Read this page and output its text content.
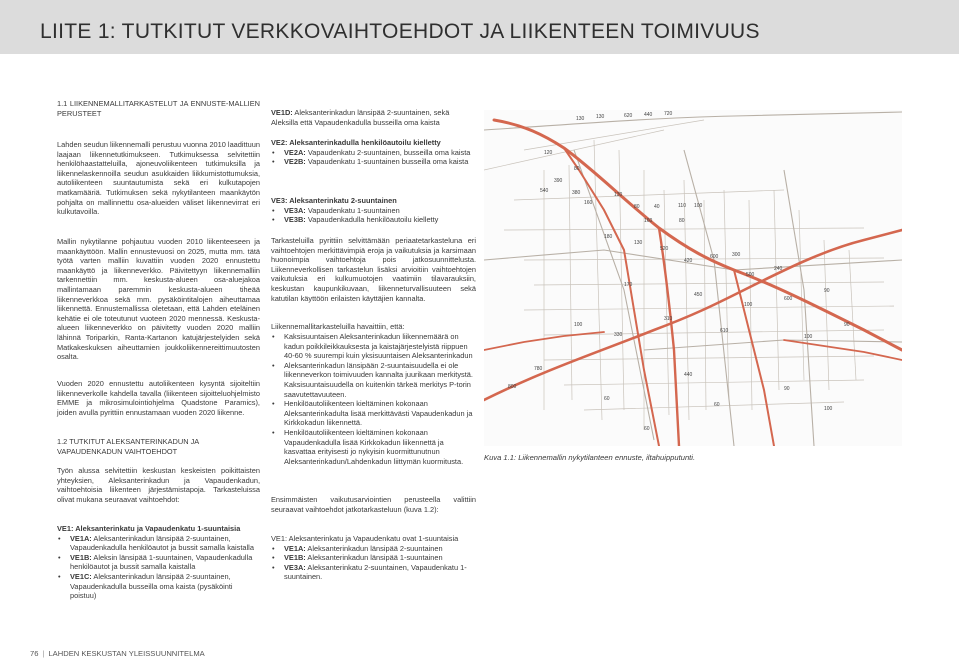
LIITE 1: TUTKITUT VERKKOVAIHTOEHDOT JA LIIKENTEEN TOIMIVUUS
1.1 LIIKENNEMALLITARKASTELUT JA ENNUSTE-MALLIEN PERUSTEET
Lahden seudun liikennemalli perustuu vuonna 2010 laadittuun laajaan liikennetutkimukseen. Tutkimuksessa selvitettiin henkilöhaastatteluilla, ajoneuvoliikenteen tutkimuksilla ja liikennelaskennoilla seudun asukkaiden liikkumistottumuksia, autoliikenteen suuntautumista sekä eri kulkutapojen matkamääriä. Tutkimuksen sekä nykytilanteen maankäytön pohjalta on mallinnettu osa-alueiden väliset liikennevirrat eri kulkutavoilla.
Mallin nykytilanne pohjautuu vuoden 2010 liikenteeseen ja maankäyttöön. Mallin ennustevuosi on 2025, mutta mm. tätä työtä varten malliin kuvattiin vuoden 2020 ennustettu maankäyttö ja liikenneverkko. Päivitettyyn liikennemalliin tarkennettiin mm. keskusta-alueen osa-aluejakoa mallintamaan paremmin keskusta-alueen tiheää liikenneverkkoa sekä mm. pysäköintitalojen aiheuttamaa liikennettä. Ennustemallissa oletetaan, että Lahden eteläinen kehätie ei ole toteutunut vuoteen 2020 mennessä. Keskusta-alueen liikenneverkko on päivitetty vuoden 2020 malliin lähinnä Toriparkin, Ranta-Kartanon katujärjestelyiden sekä Matkakeskuksen aiheuttamien joukkoliikennereittimuutosten osalta.
Vuoden 2020 ennustettu autoliikenteen kysyntä sijoiteltiin liikenneverkolle kahdella tavalla (liikenteen sijoitteluohjelmisto EMME ja mikrosimulointiohjelma Quadstone Paramics), joiden avulla pyrittiin ennustamaan vuoden 2020 liikenne.
1.2 TUTKITUT ALEKSANTERINKADUN JA VAPAUDENKADUN VAIHTOEHDOT
Työn alussa selvitettiin keskustan keskeisten poikittaisten yhteyksien, Aleksanterinkadun ja Vapaudenkadun, vaihtoehtoisia liikenteen järjestämistapoja. Tarkasteluissa olivat mukana seuraavat vaihtoehdot:
VE1: Aleksanterinkatu ja Vapaudenkatu 1-suuntaisia
• VE1A: Aleksanterinkadun länsipää 2-suuntainen, Vapaudenkadulla henkilöautot ja bussit samalla kaistalla
• VE1B: Aleksin länsipää 1-suuntainen, Vapaudenkadulla henkilöautot ja bussit samalla kaistalla
• VE1C: Aleksanterinkadun länsipää 2-suuntainen, Vapaudenkadulla busseilla oma kaista (pysäköinti poistuu)
VE1D: Aleksanterinkadun länsipää 2-suuntainen, sekä Aleksilla että Vapaudenkadulla busseilla oma kaista
VE2: Aleksanterinkadulla henkilöautoilu kielletty
• VE2A: Vapaudenkatu 2-suuntainen, busseilla oma kaista
• VE2B: Vapaudenkatu 1-suuntainen busseilla oma kaista
VE3: Aleksanterinkatu 2-suuntainen
• VE3A: Vapaudenkatu 1-suuntainen
• VE3B: Vapaudenkadulla henkilöautoilu kielletty
Tarkasteluilla pyrittiin selvittämään periaatetarkasteluna eri vaihtoehtojen merkittävimpiä eroja ja vaikutuksia ja karsimaan huonoimpia vaihtoehtoja pois jatkosuunnittelusta. Liikenneverkollisen tarkastelun lisäksi arvioitiin vaihtoehtojen vaikutuksia eri kulkumuotojen vaatimiin tilavarauksiin, keskustan kaupunkikuvaan, liikenneturvallisuuteen sekä katutilan käyttöön erilaisten käyttäjien kannalta.
Liikennemallitarkasteluilla havaittiin, että:
• Kaksisuuntaisen Aleksanterinkadun liikennemäärä on kadun poikkileikkauksesta ja kaistajärjestelyistä riippuen 40-60 % suurempi kuin yksisuuntaisen Aleksanterinkadun
• Aleksanterinkadun länsipään 2-suuntaisuudella ei ole liikenneverkon toimivuuden kannalta juurikaan merkitystä. Kaksisuuntaisuudella on kuitenkin tärkeä merkitys P-torin saavutettavuuteen.
• Henkilöautoliikenteen kieltäminen kokonaan Aleksanterinkadulta lisää merkittävästi Vapaudenkadun ja Kirkkokadun liikennettä.
• Henkilöautoliikenteen kieltäminen kokonaan Vapaudenkadulla lisää Kirkkokadun liikennettä ja kasvattaa erityisesti jo nykyisin kuormittunutnun Aleksanterinkadun/Lahdenkadun liittymän kuormitusta.
Ensimmäisten vaikutusarviointien perusteella valittiin seuraavat vaihtoehdot jatkotarkasteluun (kuva 1.2):
VE1: Aleksanterinkatu ja Vapaudenkatu ovat 1-suuntaisia
• VE1A: Aleksanterinkadun länsipää 2-suuntainen
• VE1B: Aleksanterinkadun länsipää 1-suuntainen
• VE3A: Aleksanterinkatu 2-suuntainen, Vapaudenkatu 1-suuntainen.
130 130	620 440 720
120
80
390
540	380
160
130
80	40	110 100
160	80
180
130
520
420
600	300
500
240
170
450
100
600
90
100
330
310
610
100
90
780
800
440
60
60
90
100
60
Kuva 1.1: Liikennemallin nykytilanteen ennuste, iltahuipputunti.
76 | LAHDEN KESKUSTAN YLEISSUUNNITELMA
